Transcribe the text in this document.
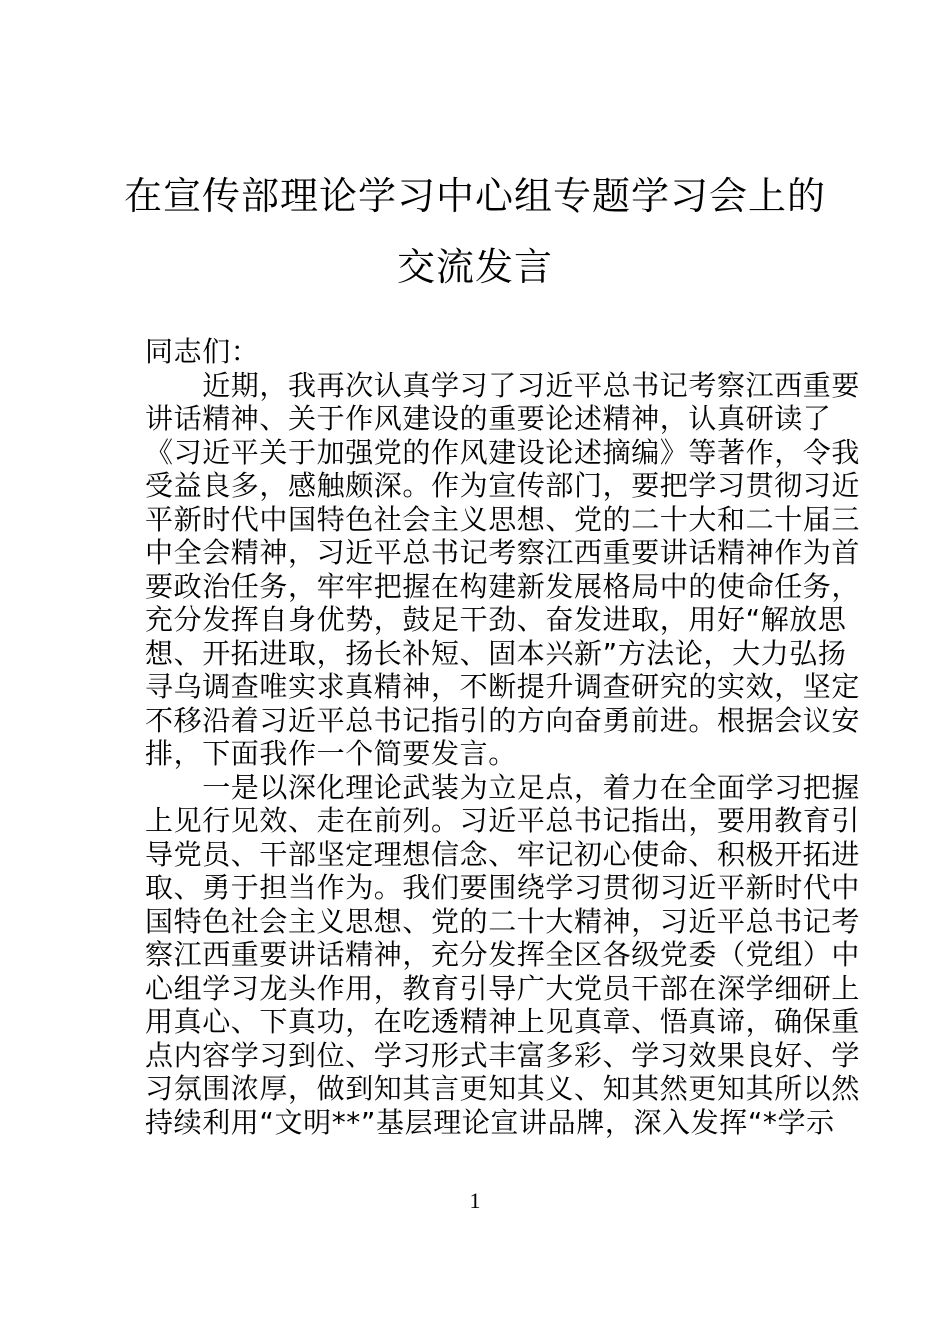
在宣传部理论学习中心组专题学习会上的
交流发言
同志们：
　　近期，我再次认真学习了习近平总书记考察江西重要
讲话精神、关于作风建设的重要论述精神，认真研读了
《习近平关于加强党的作风建设论述摘编》等著作，令我
受益良多，感触颇深。作为宣传部门，要把学习贯彻习近
平新时代中国特色社会主义思想、党的二十大和二十届三
中全会精神，习近平总书记考察江西重要讲话精神作为首
要政治任务，牢牢把握在构建新发展格局中的使命任务，
充分发挥自身优势，鼓足干劲、奋发进取，用好“解放思
想、开拓进取，扬长补短、固本兴新”方法论，大力弘扬
寻乌调查唯实求真精神，不断提升调查研究的实效，坚定
不移沿着习近平总书记指引的方向奋勇前进。根据会议安
排，下面我作一个简要发言。
　　一是以深化理论武装为立足点，着力在全面学习把握
上见行见效、走在前列。习近平总书记指出，要用教育引
导党员、干部坚定理想信念、牢记初心使命、积极开拓进
取、勇于担当作为。我们要围绕学习贯彻习近平新时代中
国特色社会主义思想、党的二十大精神，习近平总书记考
察江西重要讲话精神，充分发挥全区各级党委（党组）中
心组学习龙头作用，教育引导广大党员干部在深学细研上
用真心、下真功，在吃透精神上见真章、悟真谛，确保重
点内容学习到位、学习形式丰富多彩、学习效果良好、学
习氛围浓厚，做到知其言更知其义、知其然更知其所以然
持续利用“文明**”基层理论宣讲品牌，深入发挥“*学示
1
